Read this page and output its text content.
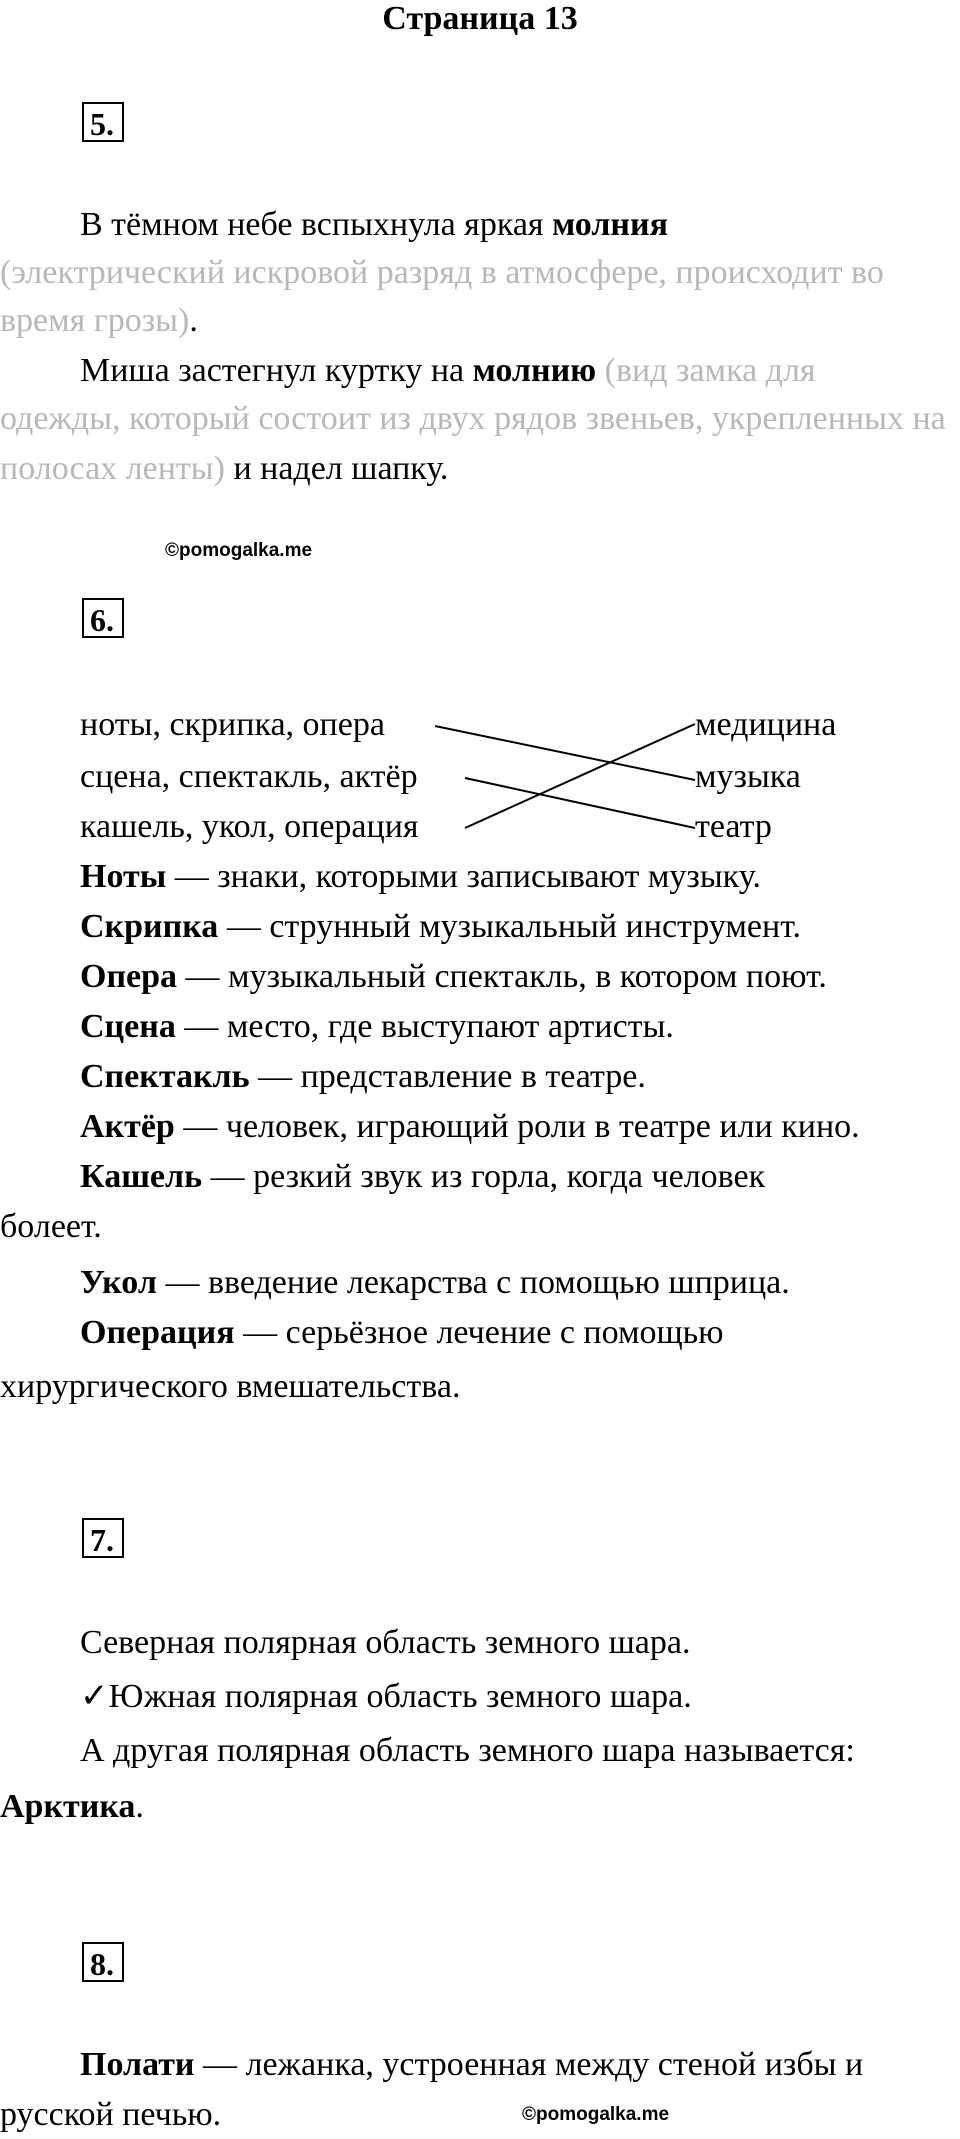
Страница 13
5.
В тёмном небе вспыхнула яркая молния
(электрический искровой разряд в атмосфере, происходит во
время грозы).
Миша застегнул куртку на молнию (вид замка для
одежды, который состоит из двух рядов звеньев, укрепленных на
полосах ленты) и надел шапку.
©pomogalka.me
6.
ноты, скрипка, опера
сцена, спектакль, актёр
кашель, укол, операция
медицина
музыка
театр
Ноты — знаки, которыми записывают музыку.
Скрипка — струнный музыкальный инструмент.
Опера — музыкальный спектакль, в котором поют.
Сцена — место, где выступают артисты.
Спектакль — представление в театре.
Актёр — человек, играющий роли в театре или кино.
Кашель — резкий звук из горла, когда человек
болеет.
Укол — введение лекарства с помощью шприца.
Операция — серьёзное лечение с помощью
хирургического вмешательства.
7.
Северная полярная область земного шара.
✓Южная полярная область земного шара.
А другая полярная область земного шара называется:
Арктика.
8.
Полати — лежанка, устроенная между стеной избы и
русской печью.	©pomogalka.me
